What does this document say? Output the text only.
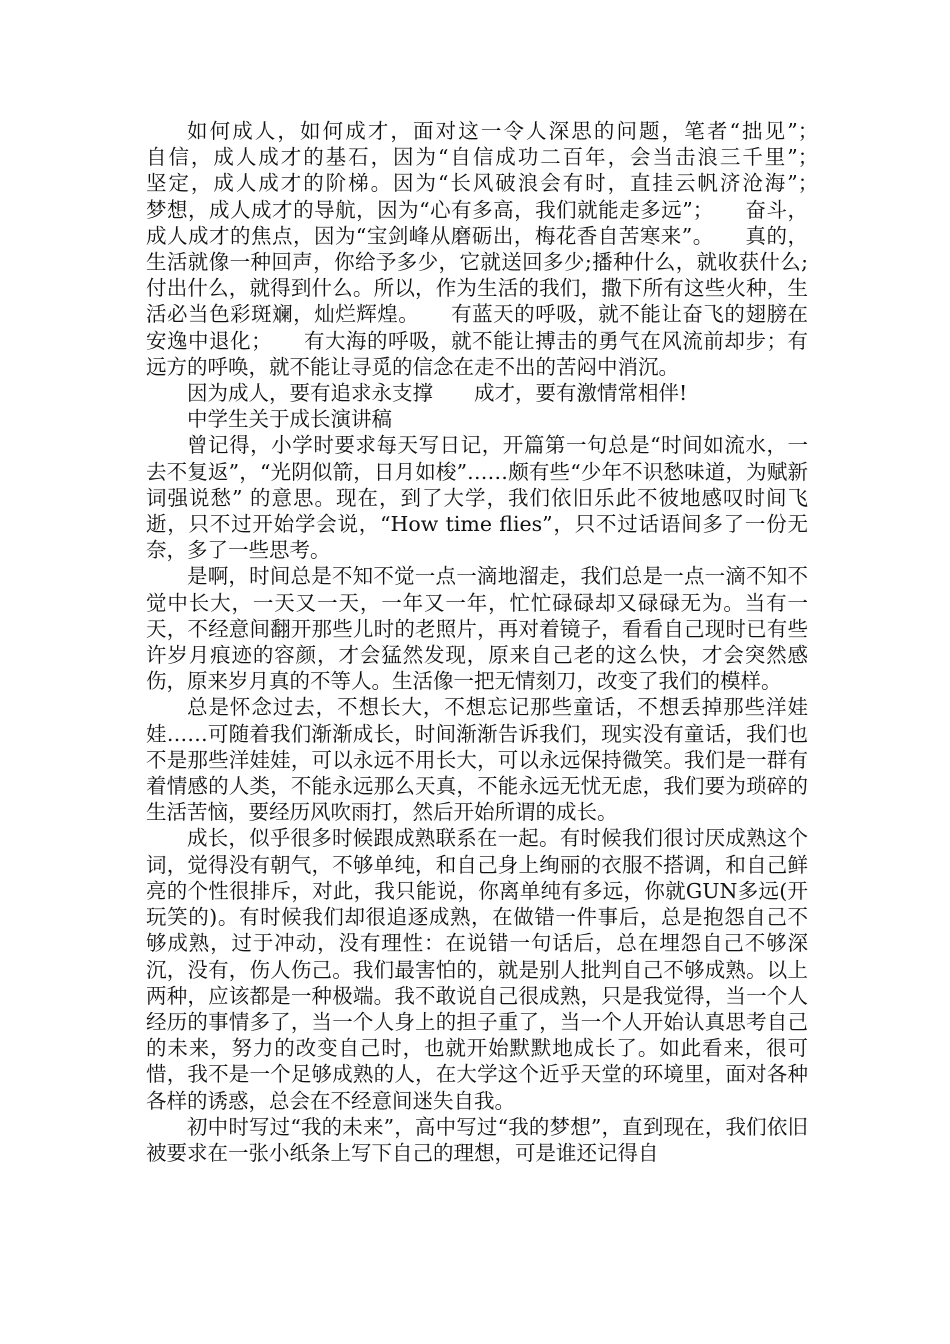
如何成人，如何成才，面对这一令人深思的问题，笔者“拙见”；　　自信，成人成才的基石，因为“自信成功二百年，会当击浪三千里”；　　坚定，成人成才的阶梯。因为“长风破浪会有时，直挂云帆济沧海”；　　梦想，成人成才的导航，因为“心有多高，我们就能走多远”；　　奋斗，成人成才的焦点，因为“宝剑峰从磨砺出，梅花香自苦寒来”。　　真的，生活就像一种回声，你给予多少，它就送回多少;播种什么，就收获什么;付出什么，就得到什么。所以，作为生活的我们，撒下所有这些火种，生活必当色彩斑斓，灿烂辉煌。　　有蓝天的呼吸，就不能让奋飞的翅膀在安逸中退化；　　有大海的呼吸，就不能让搏击的勇气在风流前却步；有远方的呼唤，就不能让寻觅的信念在走不出的苦闷中消沉。

因为成人，要有追求永支撑　　成才，要有激情常相伴!

中学生关于成长演讲稿

曾记得，小学时要求每天写日记，开篇第一句总是“时间如流水，一去不复返”，“光阴似箭，日月如梭”……颇有些“少年不识愁味道，为赋新词强说愁” 的意思。现在，到了大学，我们依旧乐此不彼地感叹时间飞逝，只不过开始学会说，“How time flies”，只不过话语间多了一份无奈，多了一些思考。

是啊，时间总是不知不觉一点一滴地溜走，我们总是一点一滴不知不觉中长大，一天又一天，一年又一年，忙忙碌碌却又碌碌无为。当有一天，不经意间翻开那些儿时的老照片，再对着镜子，看看自己现时已有些许岁月痕迹的容颜，才会猛然发现，原来自己老的这么快，才会突然感伤，原来岁月真的不等人。生活像一把无情刻刀，改变了我们的模样。

总是怀念过去，不想长大，不想忘记那些童话，不想丢掉那些洋娃娃……可随着我们渐渐成长，时间渐渐告诉我们，现实没有童话，我们也不是那些洋娃娃，可以永远不用长大，可以永远保持微笑。我们是一群有着情感的人类，不能永远那么天真，不能永远无忧无虑，我们要为琐碎的生活苦恼，要经历风吹雨打，然后开始所谓的成长。

成长，似乎很多时候跟成熟联系在一起。有时候我们很讨厌成熟这个词，觉得没有朝气，不够单纯，和自己身上绚丽的衣服不搭调，和自己鲜亮的个性很排斥，对此，我只能说，你离单纯有多远，你就GUN多远(开玩笑的)。有时候我们却很追逐成熟，在做错一件事后，总是抱怨自己不够成熟，过于冲动，没有理性：在说错一句话后，总在埋怨自己不够深沉，没有，伤人伤己。我们最害怕的，就是别人批判自己不够成熟。以上两种，应该都是一种极端。我不敢说自己很成熟，只是我觉得，当一个人经历的事情多了，当一个人身上的担子重了，当一个人开始认真思考自己的未来，努力的改变自己时，也就开始默默地成长了。如此看来，很可惜，我不是一个足够成熟的人，在大学这个近乎天堂的环境里，面对各种各样的诱惑，总会在不经意间迷失自我。

初中时写过“我的未来”，高中写过“我的梦想”，直到现在，我们依旧被要求在一张小纸条上写下自己的理想，可是谁还记得自
